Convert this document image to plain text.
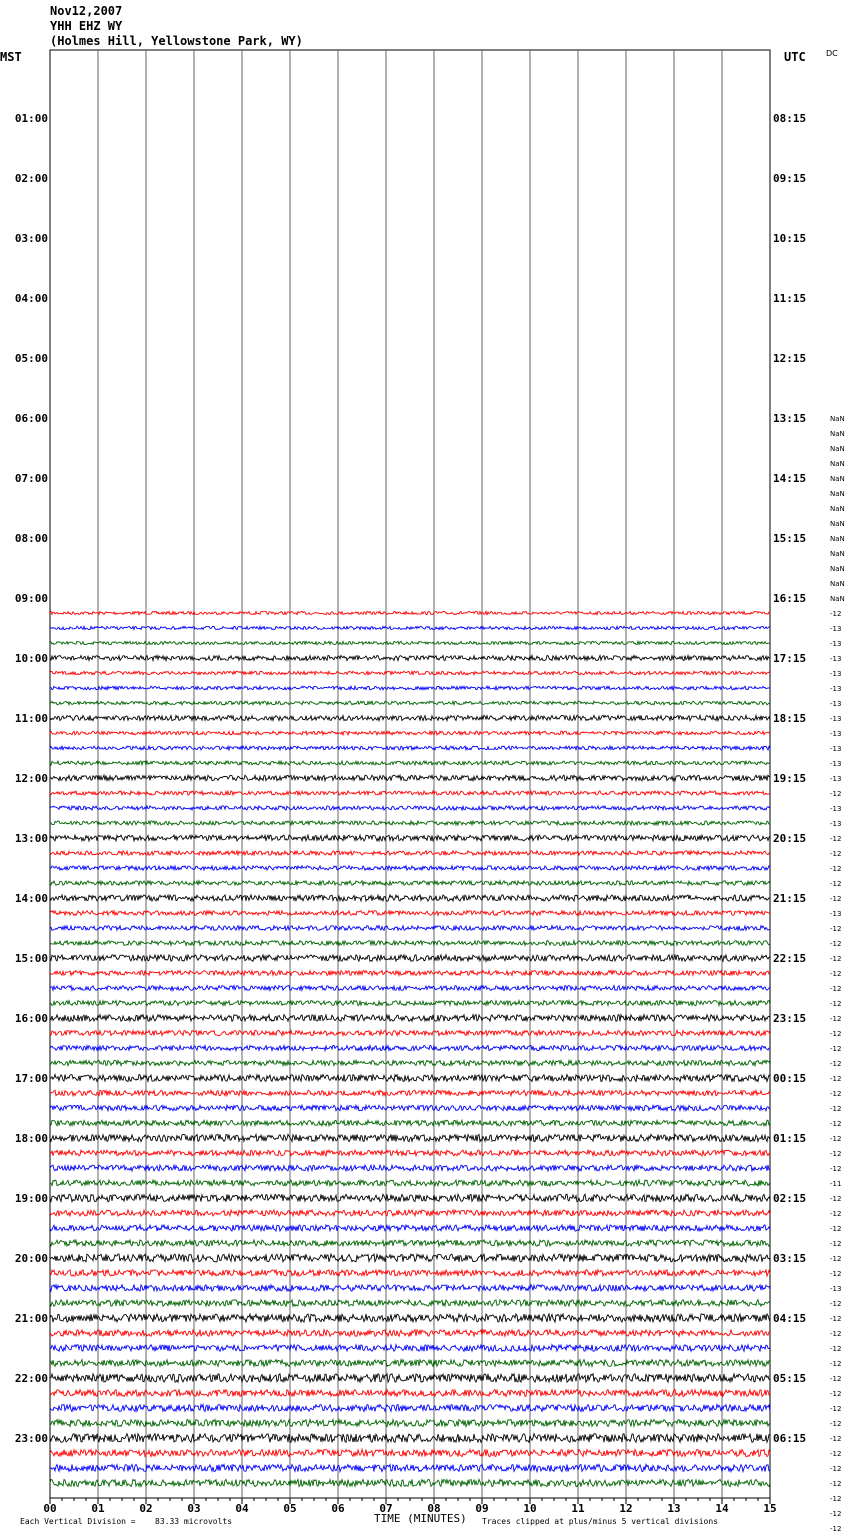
Nov12,2007
YHH EHZ WY
(Holmes Hill, Yellowstone Park, WY)
MST	UTC	DC
01:00	08:15
02:00	09:15
03:00	10:15
04:00	11:15
05:00	12:15
06:00	13:15
07:00	14:15
08:00	15:15
09:00	16:15
10:00	17:15
11:00	18:15
12:00	19:15
13:00	20:15
14:00	21:15
15:00	22:15
16:00	23:15
17:00	00:15
18:00	01:15
19:00	02:15
20:00	03:15
21:00	04:15
22:00	05:15
23:00	06:15
NaN
NaN
NaN
NaN
NaN
NaN
NaN
NaN
NaN
NaN
NaN
NaN
NaN
-12
-13
-13
-13
-13
-13
-13
-13
-13
-13
-13
-13
-12
-13
-13
-12
-12
-12
-12
-12
-13
-12
-12
-12
-12
-12
-12
-12
-12
-12
-12
-12
-12
-12
-12
-12
-12
-12
-11
-12
-12
-12
-12
-12
-12
-13
-12
-12
-12
-12
-12
-12
-12
-12
-12
-12
-12
-12
-12
-12
-12
-12
00	01	02	03	04	05	06	07	08	09	10	11	12	13	14	15
Each Vertical Division = 83.33 microvolts	TIME (MINUTES) Traces clipped at plus/minus 5 vertical divisions
